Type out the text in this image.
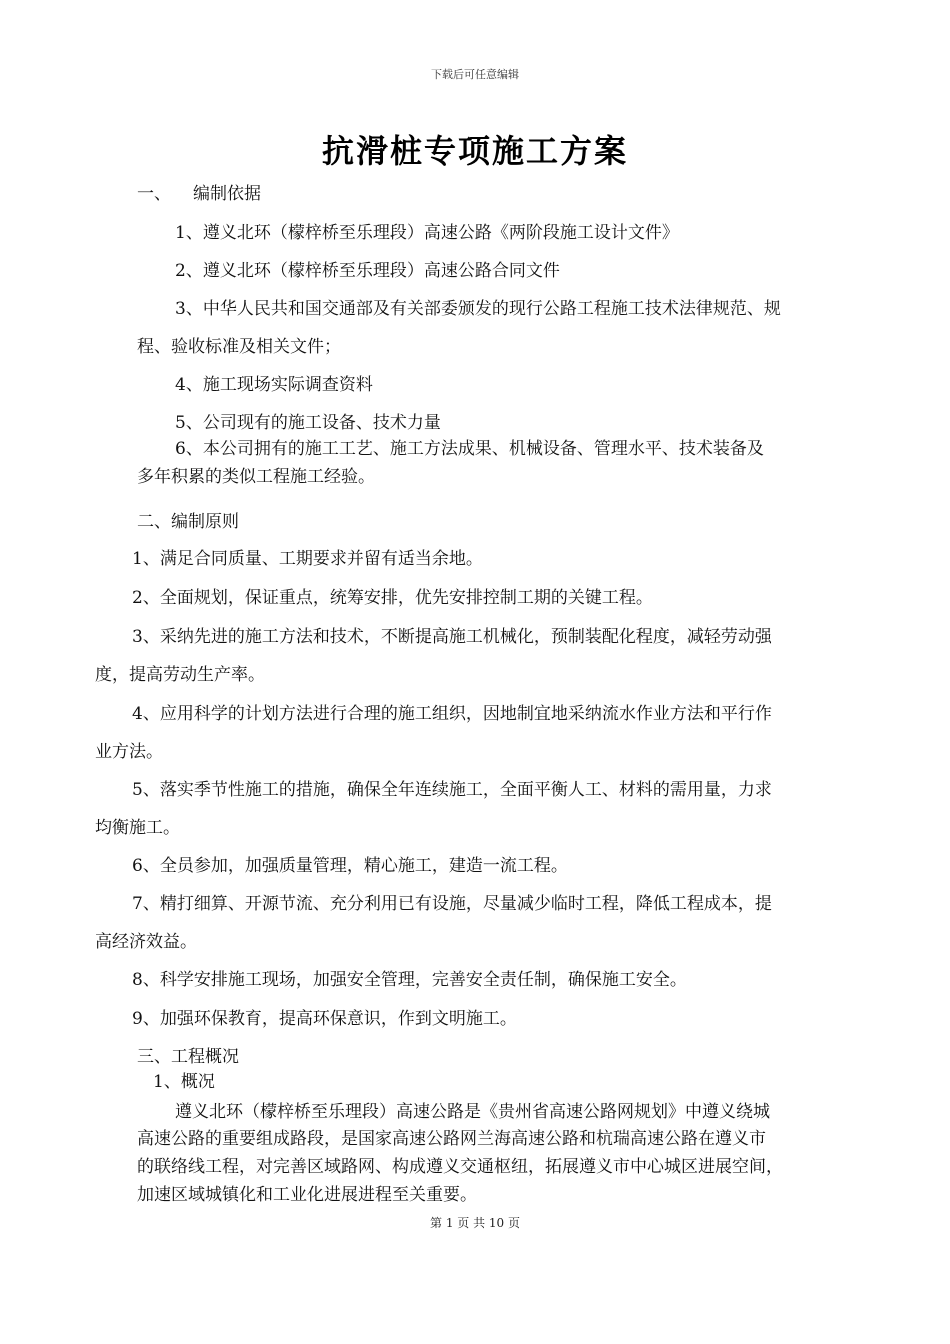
下载后可任意编辑
抗滑桩专项施工方案
一、 编制依据
1、遵义北环（檬梓桥至乐理段）高速公路《两阶段施工设计文件》
2、遵义北环（檬梓桥至乐理段）高速公路合同文件
3、中华人民共和国交通部及有关部委颁发的现行公路工程施工技术法律规范、规
程、验收标准及相关文件；
4、施工现场实际调查资料
5、公司现有的施工设备、技术力量
6、本公司拥有的施工工艺、施工方法成果、机械设备、管理水平、技术装备及
多年积累的类似工程施工经验。
二、编制原则
1、满足合同质量、工期要求并留有适当余地。
2、全面规划，保证重点，统筹安排，优先安排控制工期的关键工程。
3、采纳先进的施工方法和技术，不断提高施工机械化，预制装配化程度，减轻劳动强
度，提高劳动生产率。
4、应用科学的计划方法进行合理的施工组织，因地制宜地采纳流水作业方法和平行作
业方法。
5、落实季节性施工的措施，确保全年连续施工，全面平衡人工、材料的需用量，力求
均衡施工。
6、全员参加，加强质量管理，精心施工，建造一流工程。
7、精打细算、开源节流、充分利用已有设施，尽量减少临时工程，降低工程成本，提
高经济效益。
8、科学安排施工现场，加强安全管理，完善安全责任制，确保施工安全。
9、加强环保教育，提高环保意识，作到文明施工。
三、工程概况
1、概况
遵义北环（檬梓桥至乐理段）高速公路是《贵州省高速公路网规划》中遵义绕城
高速公路的重要组成路段，是国家高速公路网兰海高速公路和杭瑞高速公路在遵义市
的联络线工程，对完善区域路网、构成遵义交通枢纽，拓展遵义市中心城区进展空间，
加速区域城镇化和工业化进展进程至关重要。
第 1 页 共 10 页
